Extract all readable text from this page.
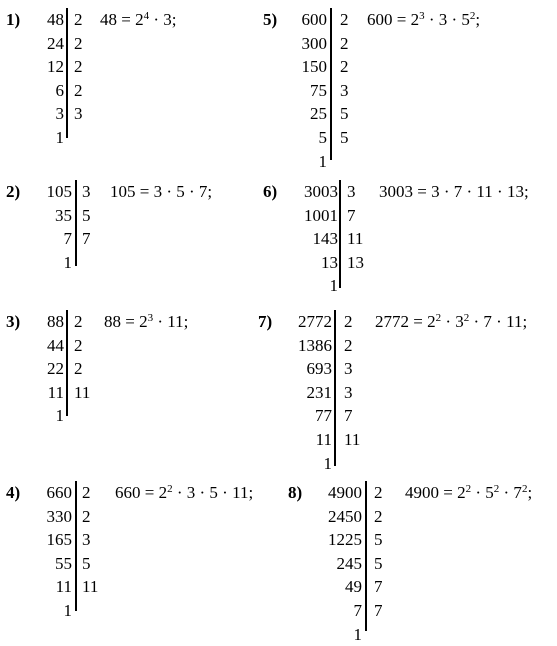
1) 48
24
12
6
3
1
2
2
2
2
3
$48 = 2^4 \cdot 3$;
2) 105
35
7
1
3
5
7
105 = 3 · 5 · 7;
3) 88
44
22
11
1
2
2
2
11
$88 = 2^3 \cdot 11$;
4) 660
330
165
55
11
1
2
2
3
5
11
$660 = 2^2 \cdot 3 \cdot 5 \cdot 11$;
5) 600
300
150
75
25
5
1
2
2
2
3
5
5
$600 = 2^3 \cdot 3 \cdot 5^2$;
6) 3003
1001
143
13
1
3
7
11
13
3003 = 3 · 7 · 11 · 13;
7) 2772
1386
693
231
77
11
1
2
2
3
3
7
11
$2772 = 2^2 \cdot 3^2 \cdot 7 \cdot 11$;
8) 4900
2450
1225
245
49
7
1
2
2
5
5
7
7
$4900 = 2^2 \cdot 5^2 \cdot 7^2$;
